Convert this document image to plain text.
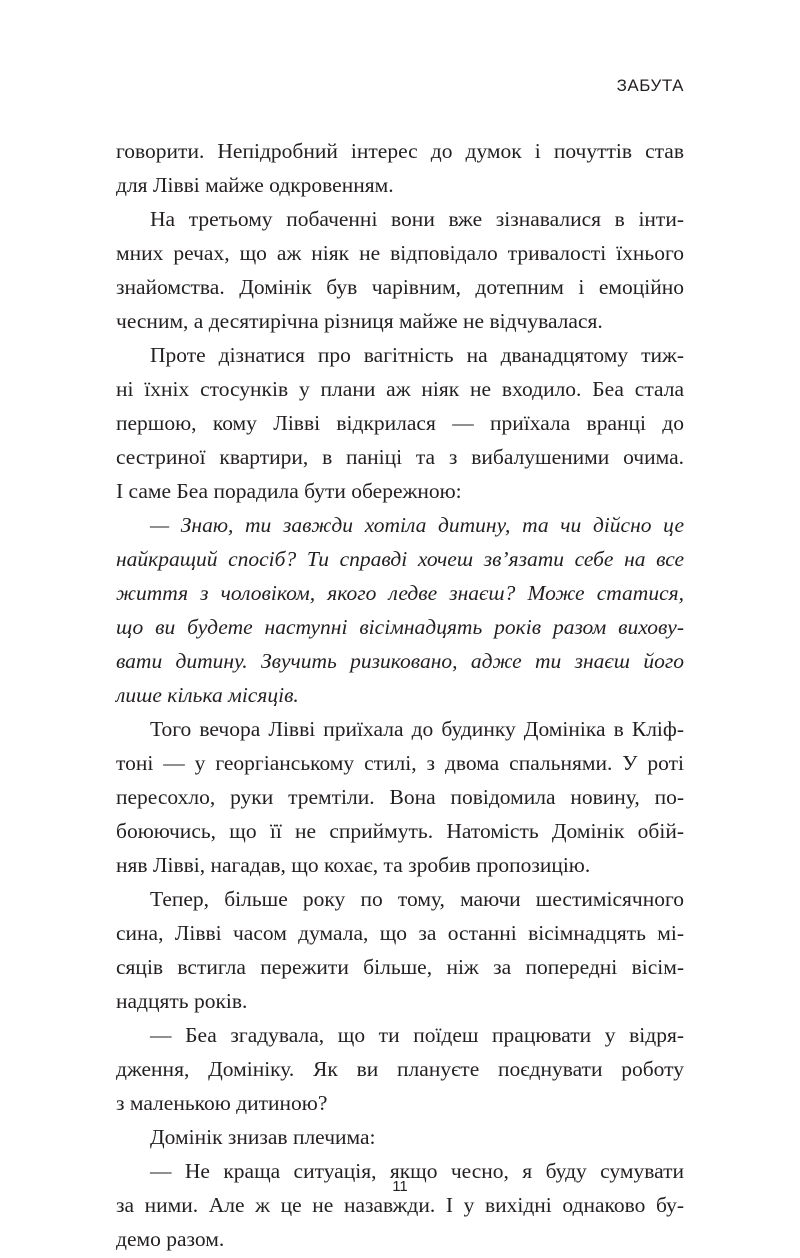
ЗАБУТА
говорити. Непідробний інтерес до думок і почуттів став
для Ліввi майже одкровенням.
На третьому побаченні вони вже зізнавалися в інти-
мних речах, що аж ніяк не відповідало тривалості їхнього
знайомства. Домінік був чарівним, дотепним і емоційно
чесним, а десятирічна різниця майже не відчувалася.
Проте дізнатися про вагітність на дванадцятому тиж-
ні їхніх стосунків у плани аж ніяк не входило. Беа стала
першою, кому Лівві відкрилася — приїхала вранці до
сестриної квартири, в паніці та з вибалушеними очима.
І саме Беа порадила бути обережною:
— Знаю, ти завжди хотіла дитину, та чи дійсно це
найкращий спосіб? Ти справді хочеш зв’язати себе на все
життя з чоловіком, якого ледве знаєш? Може статися,
що ви будете наступні вісімнадцять років разом вихову-
вати дитину. Звучить ризиковано, адже ти знаєш його
лише кілька місяців.
Того вечора Лівві приїхала до будинку Домініка в Кліф-
тоні — у георгіанському стилі, з двома спальнями. У роті
пересохло, руки тремтіли. Вона повідомила новину, по-
боюючись, що її не сприймуть. Натомість Домінік обій-
няв Лівві, нагадав, що кохає, та зробив пропозицію.
Тепер, більше року по тому, маючи шестимісячного
сина, Лівві часом думала, що за останні вісімнадцять мі-
сяців встигла пережити більше, ніж за попередні вісім-
надцять років.
— Беа згадувала, що ти поїдеш працювати у відря-
дження, Домініку. Як ви плануєте поєднувати роботу
з маленькою дитиною?
Домінік знизав плечима:
— Не краща ситуація, якщо чесно, я буду сумувати
за ними. Але ж це не назавжди. І у вихідні однаково бу-
демо разом.
11
